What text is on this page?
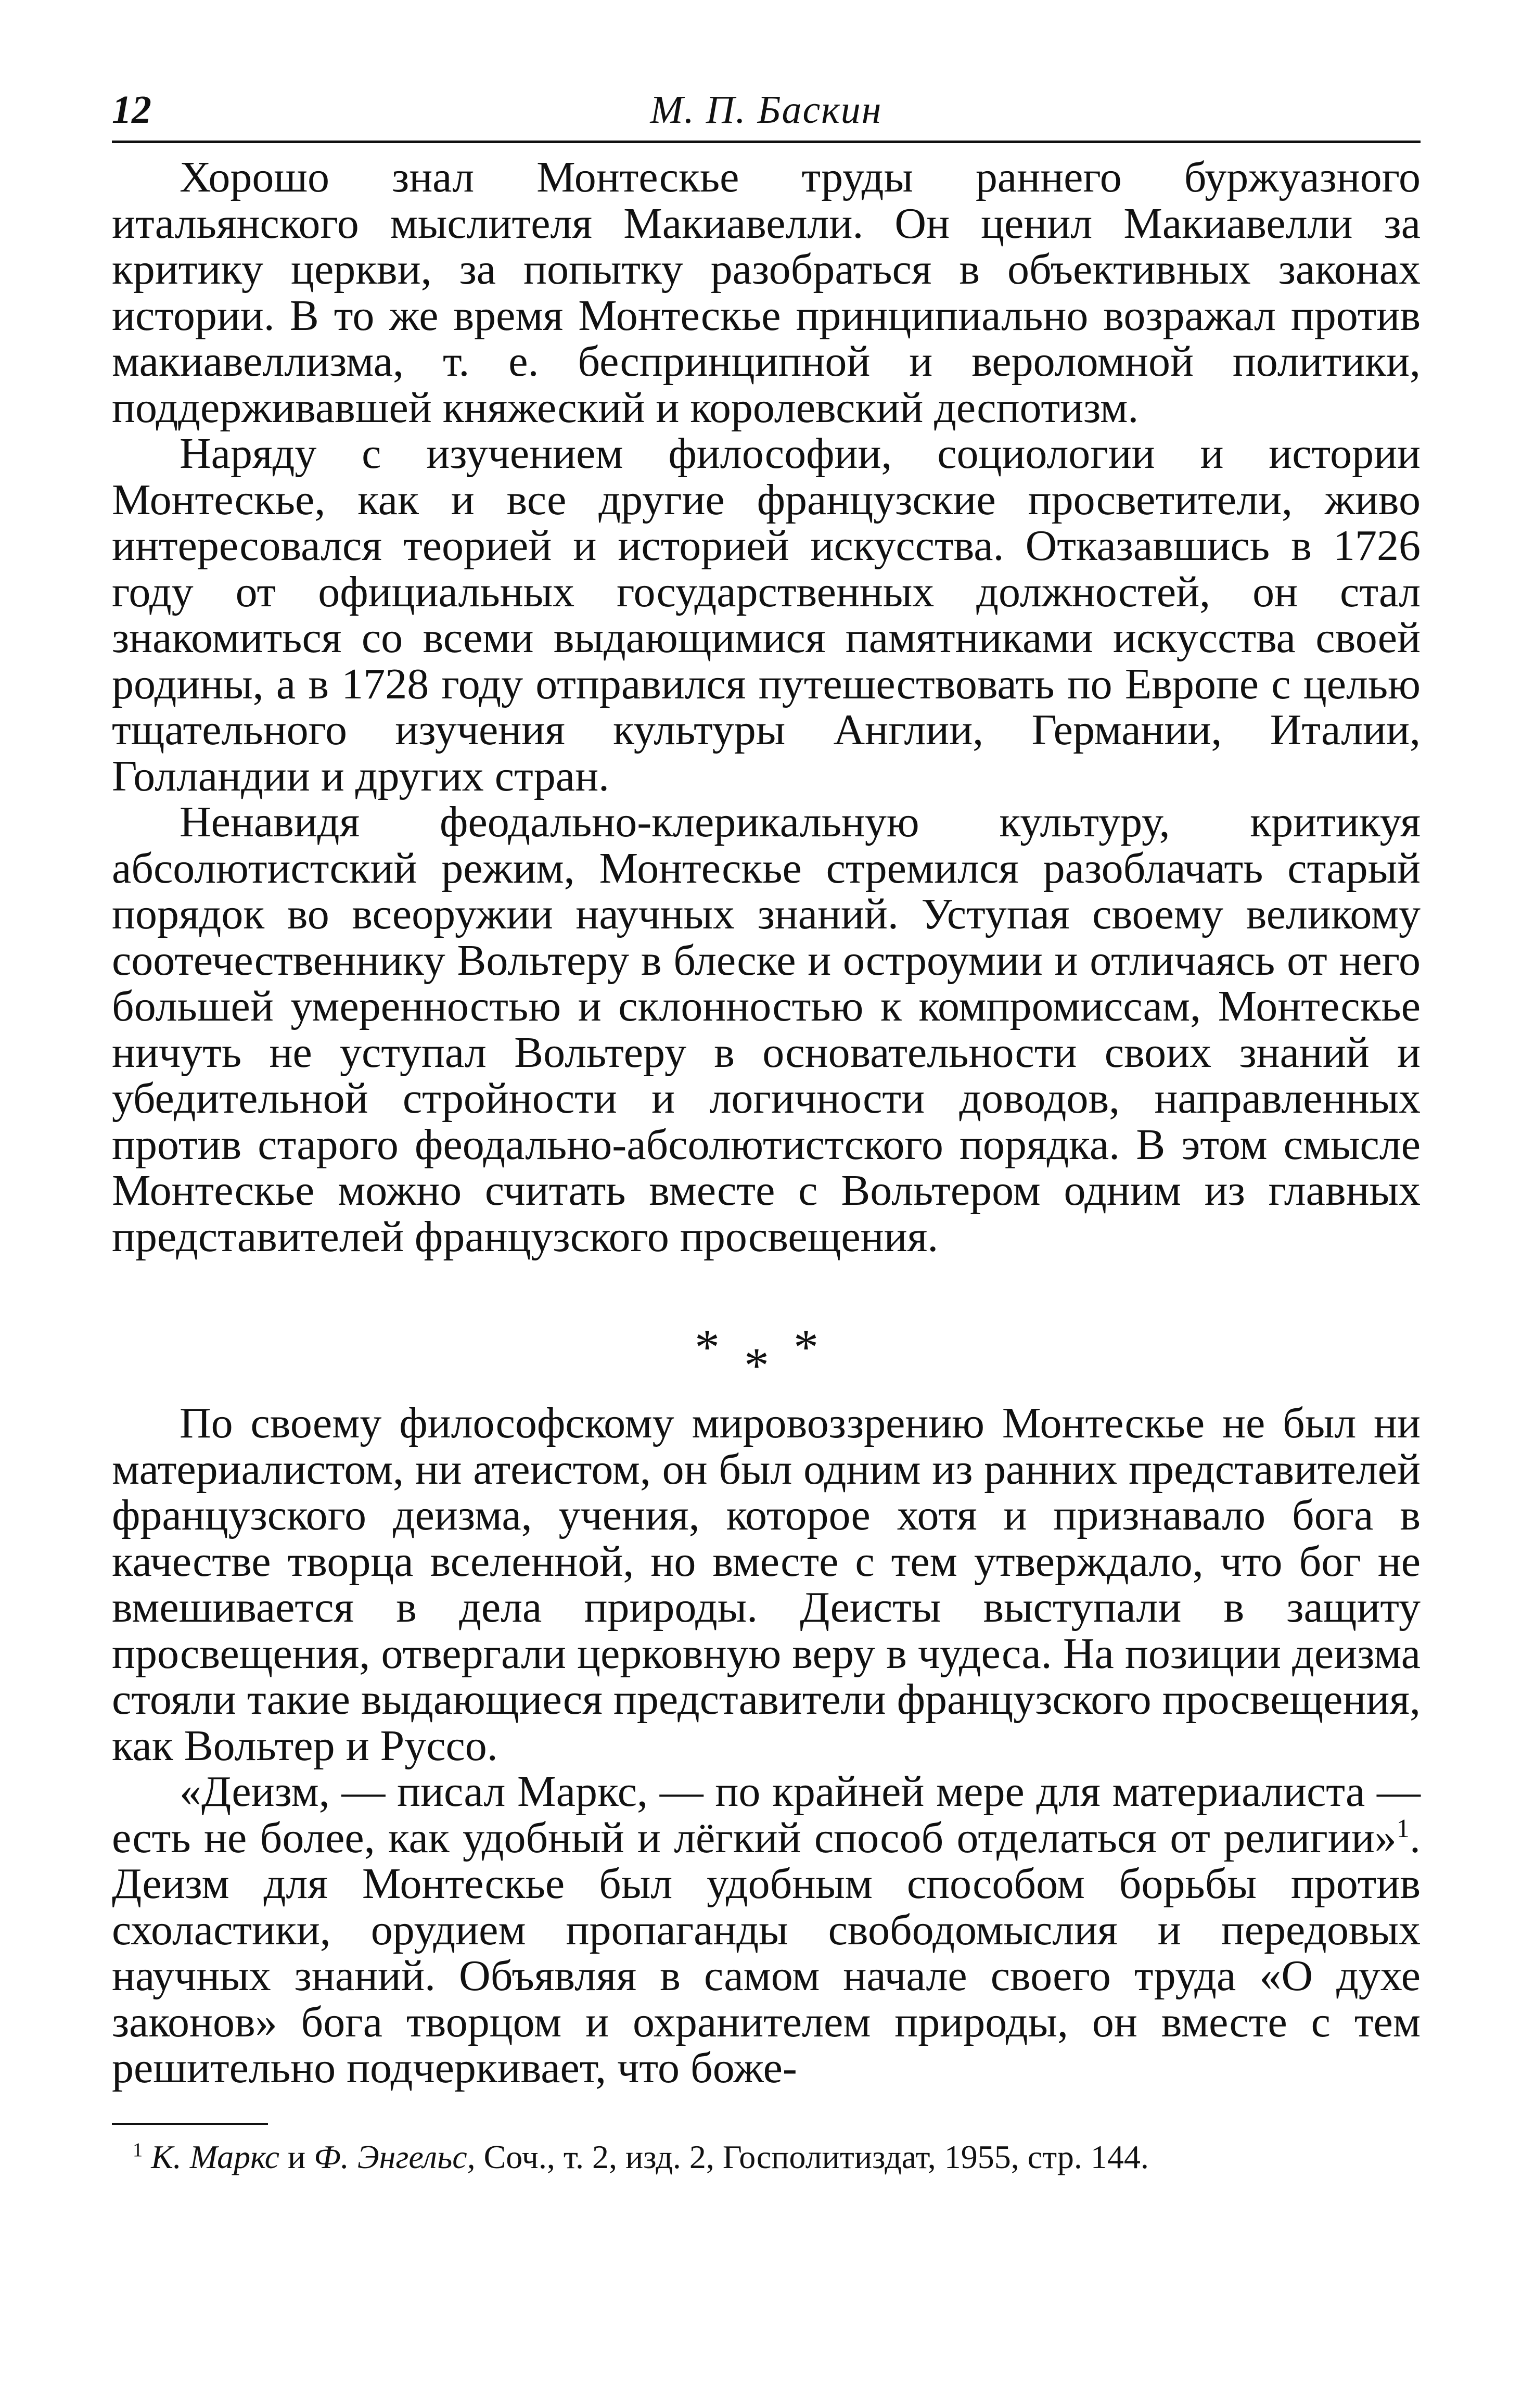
12	М. П. Баскин

Хорошо знал Монтескье труды раннего буржуазного итальянского мыслителя Макиавелли. Он ценил Макиавелли за критику церкви, за попытку разобраться в объективных законах истории. В то же время Монтескье принципиально возражал против макиавеллизма, т. е. беспринципной и вероломной политики, поддерживавшей княжеский и королевский деспотизм.

Наряду с изучением философии, социологии и истории Монтескье, как и все другие французские просветители, живо интересовался теорией и историей искусства. Отказавшись в 1726 году от официальных государственных должностей, он стал знакомиться со всеми выдающимися памятниками искусства своей родины, а в 1728 году отправился путешествовать по Европе с целью тщательного изучения культуры Англии, Германии, Италии, Голландии и других стран.

Ненавидя феодально-клерикальную культуру, критикуя абсолютистский режим, Монтескье стремился разоблачать старый порядок во всеоружии научных знаний. Уступая своему великому соотечественнику Вольтеру в блеске и остроумии и отличаясь от него большей умеренностью и склонностью к компромиссам, Монтескье ничуть не уступал Вольтеру в основательности своих знаний и убедительной стройности и логичности доводов, направленных против старого феодально-абсолютистского порядка. В этом смысле Монтескье можно считать вместе с Вольтером одним из главных представителей французского просвещения.

* * *

По своему философскому мировоззрению Монтескье не был ни материалистом, ни атеистом, он был одним из ранних представителей французского деизма, учения, которое хотя и признавало бога в качестве творца вселенной, но вместе с тем утверждало, что бог не вмешивается в дела природы. Деисты выступали в защиту просвещения, отвергали церковную веру в чудеса. На позиции деизма стояли такие выдающиеся представители французского просвещения, как Вольтер и Руссо.

«Деизм, — писал Маркс, — по крайней мере для материалиста — есть не более, как удобный и лёгкий способ отделаться от религии»$^1$. Деизм для Монтескье был удобным способом борьбы против схоластики, орудием пропаганды свободомыслия и передовых научных знаний. Объявляя в самом начале своего труда «О духе законов» бога творцом и охранителем природы, он вместе с тем решительно подчеркивает, что боже-

$^1$ К. Маркс и Ф. Энгельс, Соч., т. 2, изд. 2, Госполитиздат, 1955, стр. 144.
